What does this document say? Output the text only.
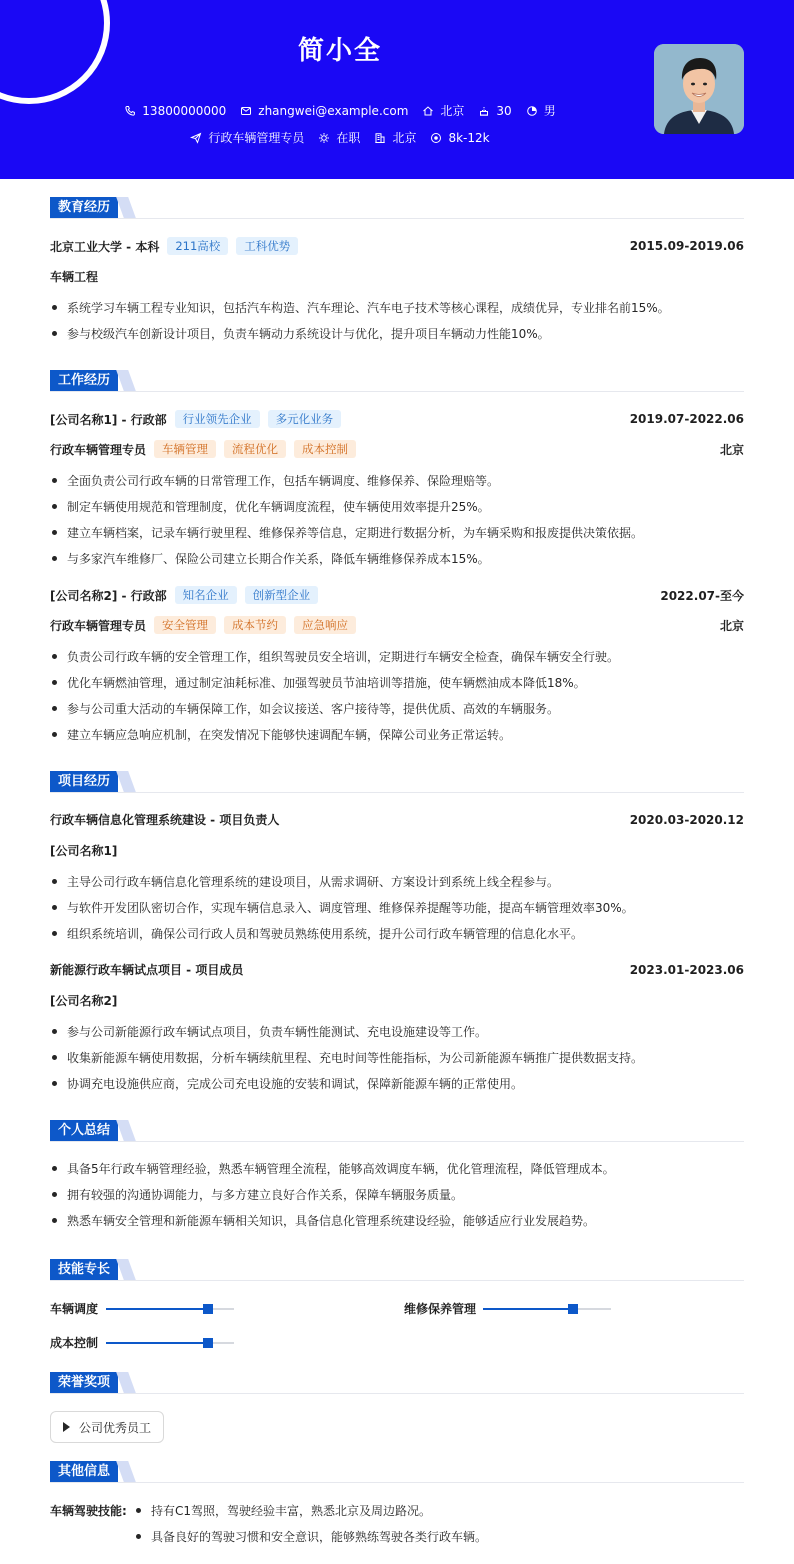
简小全
13800000000	zhangwei@example.com	北京	30	男
行政车辆管理专员	在职	北京	8k-12k
教育经历
北京工业大学 - 本科	211高校	工科优势	2015.09-2019.06
车辆工程
系统学习车辆工程专业知识，包括汽车构造、汽车理论、汽车电子技术等核心课程，成绩优异，专业排名前15%。
参与校级汽车创新设计项目，负责车辆动力系统设计与优化，提升项目车辆动力性能10%。
工作经历
[公司名称1] - 行政部	行业领先企业	多元化业务	2019.07-2022.06
行政车辆管理专员	车辆管理	流程优化	成本控制	北京
全面负责公司行政车辆的日常管理工作，包括车辆调度、维修保养、保险理赔等。
制定车辆使用规范和管理制度，优化车辆调度流程，使车辆使用效率提升25%。
建立车辆档案，记录车辆行驶里程、维修保养等信息，定期进行数据分析，为车辆采购和报废提供决策依据。
与多家汽车维修厂、保险公司建立长期合作关系，降低车辆维修保养成本15%。
[公司名称2] - 行政部	知名企业	创新型企业	2022.07-至今
行政车辆管理专员	安全管理	成本节约	应急响应	北京
负责公司行政车辆的安全管理工作，组织驾驶员安全培训，定期进行车辆安全检查，确保车辆安全行驶。
优化车辆燃油管理，通过制定油耗标准、加强驾驶员节油培训等措施，使车辆燃油成本降低18%。
参与公司重大活动的车辆保障工作，如会议接送、客户接待等，提供优质、高效的车辆服务。
建立车辆应急响应机制，在突发情况下能够快速调配车辆，保障公司业务正常运转。
项目经历
行政车辆信息化管理系统建设 - 项目负责人	2020.03-2020.12
[公司名称1]
主导公司行政车辆信息化管理系统的建设项目，从需求调研、方案设计到系统上线全程参与。
与软件开发团队密切合作，实现车辆信息录入、调度管理、维修保养提醒等功能，提高车辆管理效率30%。
组织系统培训，确保公司行政人员和驾驶员熟练使用系统，提升公司行政车辆管理的信息化水平。
新能源行政车辆试点项目 - 项目成员	2023.01-2023.06
[公司名称2]
参与公司新能源行政车辆试点项目，负责车辆性能测试、充电设施建设等工作。
收集新能源车辆使用数据，分析车辆续航里程、充电时间等性能指标，为公司新能源车辆推广提供数据支持。
协调充电设施供应商，完成公司充电设施的安装和调试，保障新能源车辆的正常使用。
个人总结
具备5年行政车辆管理经验，熟悉车辆管理全流程，能够高效调度车辆，优化管理流程，降低管理成本。
拥有较强的沟通协调能力，与多方建立良好合作关系，保障车辆服务质量。
熟悉车辆安全管理和新能源车辆相关知识，具备信息化管理系统建设经验，能够适应行业发展趋势。
技能专长
车辆调度	维修保养管理
成本控制
荣誉奖项
公司优秀员工
其他信息
车辆驾驶技能:	持有C1驾照，驾驶经验丰富，熟悉北京及周边路况。
具备良好的驾驶习惯和安全意识，能够熟练驾驶各类行政车辆。
